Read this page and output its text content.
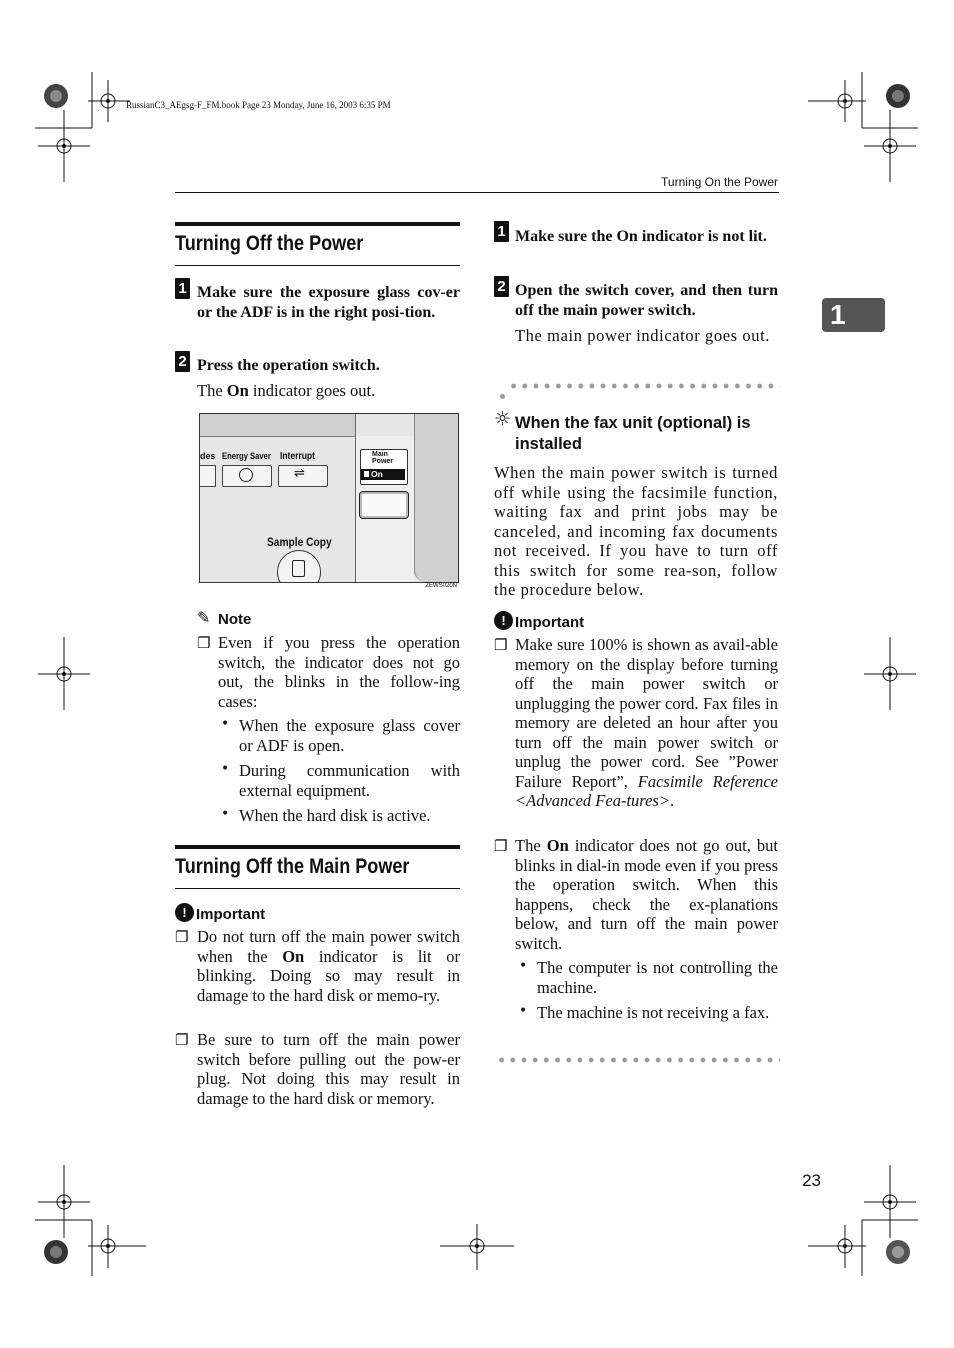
RussianC3_AEgsg-F_FM.book Page 23 Monday, June 16, 2003 6:35 PM
Turning On the Power
1
Turning Off the Power
1 Make sure the exposure glass cov-er or the ADF is in the right posi-tion.
2 Press the operation switch.
The On indicator goes out.
des Energy Saver Interrupt
⇌
Main
Power
On
Sample Copy
ZEWS020N
✎ Note
❐ Even if you press the operation switch, the indicator does not go out, the blinks in the follow-ing cases:
• When the exposure glass cover or ADF is open.
• During communication with external equipment.
• When the hard disk is active.
Turning Off the Main Power
! Important
❐ Do not turn off the main power switch when the On indicator is lit or blinking. Doing so may result in damage to the hard disk or memo-ry.
❐ Be sure to turn off the main power switch before pulling out the pow-er plug. Not doing this may result in damage to the hard disk or memory.
1 Make sure the On indicator is not lit.
2 Open the switch cover, and then turn off the main power switch.
The main power indicator goes out.
☼ When the fax unit (optional) is installed
When the main power switch is turned off while using the facsimile function, waiting fax and print jobs may be canceled, and incoming fax documents not received. If you have to turn off this switch for some rea-son, follow the procedure below.
! Important
❐ Make sure 100% is shown as avail-able memory on the display before turning off the main power switch or unplugging the power cord. Fax files in memory are deleted an hour after you turn off the main power switch or unplug the power cord. See ”Power Failure Report”, Facsimile Reference <Advanced Fea-tures>.
❐ The On indicator does not go out, but blinks in dial-in mode even if you press the operation switch. When this happens, check the ex-planations below, and turn off the main power switch.
• The computer is not controlling the machine.
• The machine is not receiving a fax.
23
